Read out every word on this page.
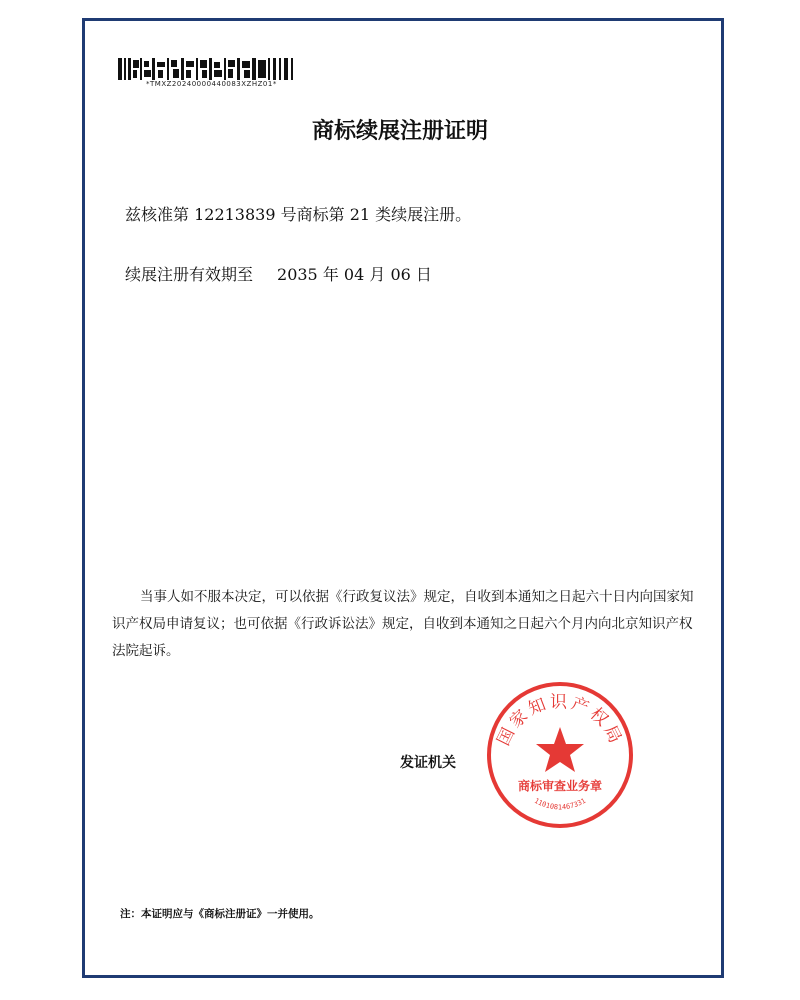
*TMXZ20240000440083XZHZ01*
商标续展注册证明
兹核准第 12213839 号商标第 21 类续展注册。
续展注册有效期至 2035 年 04 月 06 日
当事人如不服本决定，可以依据《行政复议法》规定，自收到本通知之日起六十日内向国家知识产权局申请复议；也可依据《行政诉讼法》规定，自收到本通知之日起六个月内向北京知识产权法院起诉。
发证机关
国家知识产权局
商标审查业务章
1101081467331
注：本证明应与《商标注册证》一并使用。
